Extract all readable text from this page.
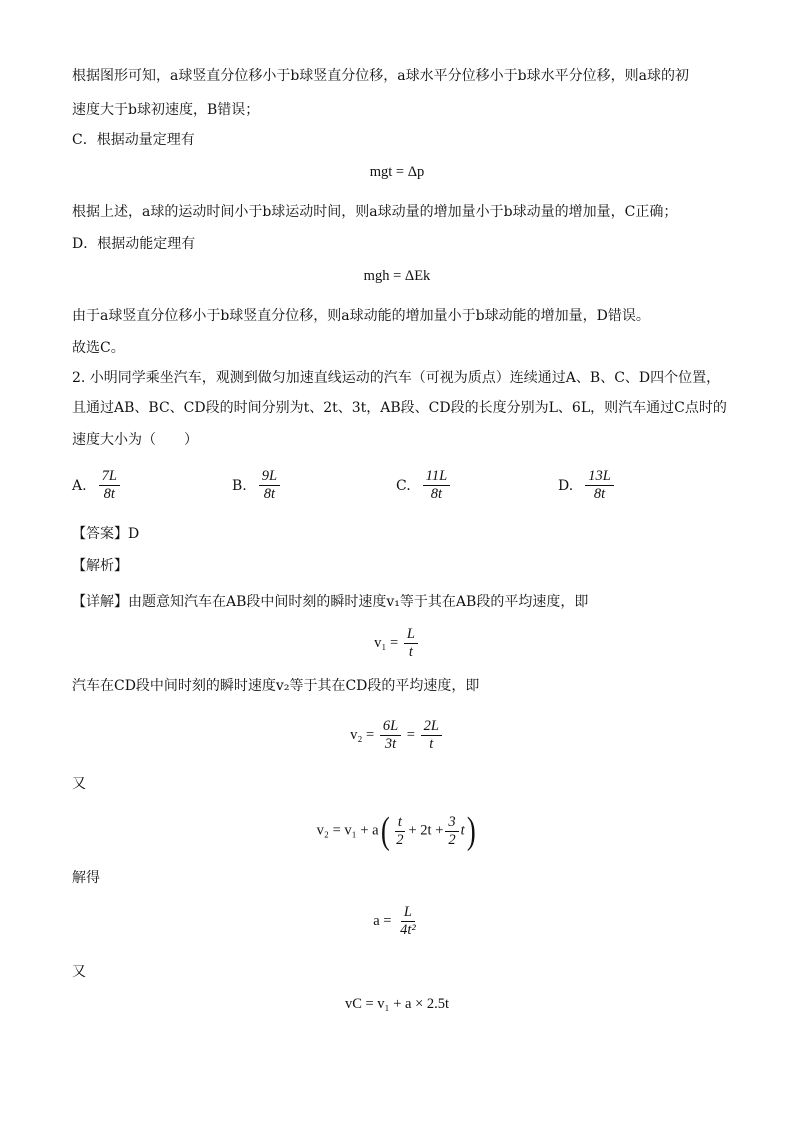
根据图形可知，a球竖直分位移小于b球竖直分位移，a球水平分位移小于b球水平分位移，则a球的初
速度大于b球初速度，B错误；
C．根据动量定理有
mgt = Δp
根据上述，a球的运动时间小于b球运动时间，则a球动量的增加量小于b球动量的增加量，C正确；
D．根据动能定理有
mgh = ΔEk
由于a球竖直分位移小于b球竖直分位移，则a球动能的增加量小于b球动能的增加量，D错误。
故选C。
2. 小明同学乘坐汽车，观测到做匀加速直线运动的汽车（可视为质点）连续通过A、B、C、D四个位置，
且通过AB、BC、CD段的时间分别为t、2t、3t，AB段、CD段的长度分别为L、6L，则汽车通过C点时的
速度大小为（　　）
A. $\frac{7L}{8t}$	B. $\frac{9L}{8t}$	C. $\frac{11L}{8t}$	D. $\frac{13L}{8t}$
【答案】D
【解析】
【详解】由题意知汽车在AB段中间时刻的瞬时速度v₁等于其在AB段的平均速度，即
$v_1 = \frac{L}{t}$
汽车在CD段中间时刻的瞬时速度v₂等于其在CD段的平均速度，即
$v_2 = \frac{6L}{3t} = \frac{2L}{t}$
又
$v_2 = v_1 + a( \frac{t}{2} + 2t + \frac{3}{2} t)$
解得
$a = \frac{L}{\text{4t²}}$
又
vC = v₁ + a × 2.5t
